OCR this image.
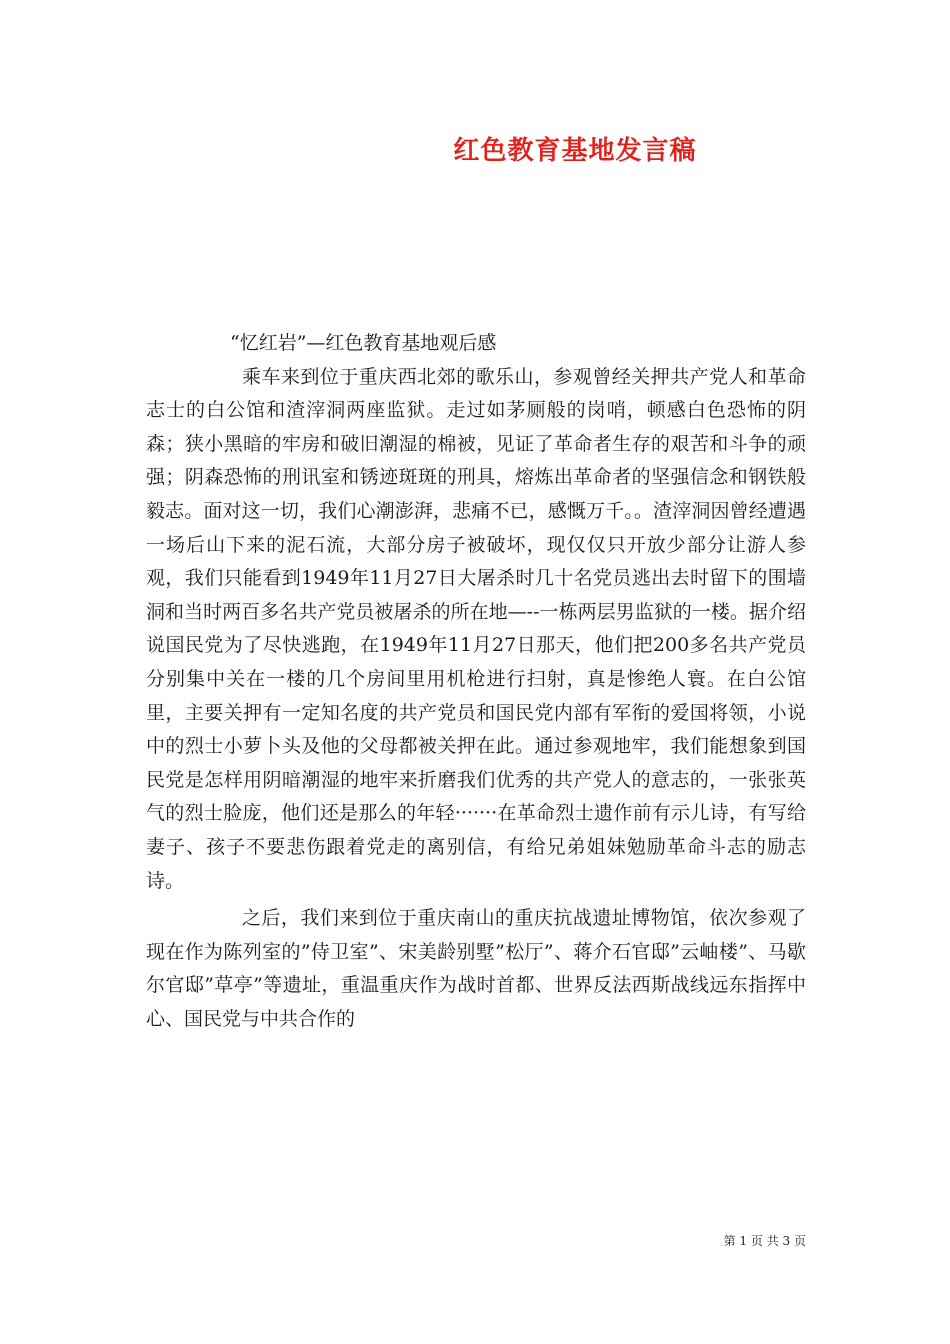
红色教育基地发言稿

“忆红岩”—红色教育基地观后感

乘车来到位于重庆西北郊的歌乐山，参观曾经关押共产党人和革命志士的白公馆和渣滓洞两座监狱。走过如茅厕般的岗哨，顿感白色恐怖的阴森；狭小黑暗的牢房和破旧潮湿的棉被，见证了革命者生存的艰苦和斗争的顽强；阴森恐怖的刑讯室和锈迹斑斑的刑具，熔炼出革命者的坚强信念和钢铁般毅志。面对这一切，我们心潮澎湃，悲痛不已，感慨万千。。渣滓洞因曾经遭遇一场后山下来的泥石流，大部分房子被破坏，现仅仅只开放少部分让游人参观，我们只能看到1949年11月27日大屠杀时几十名党员逃出去时留下的围墙洞和当时两百多名共产党员被屠杀的所在地—--一栋两层男监狱的一楼。据介绍说国民党为了尽快逃跑，在1949年11月27日那天，他们把200多名共产党员分别集中关在一楼的几个房间里用机枪进行扫射，真是惨绝人寰。在白公馆里，主要关押有一定知名度的共产党员和国民党内部有军衔的爱国将领，小说中的烈士小萝卜头及他的父母都被关押在此。通过参观地牢，我们能想象到国民党是怎样用阴暗潮湿的地牢来折磨我们优秀的共产党人的意志的，一张张英气的烈士脸庞，他们还是那么的年轻·······在革命烈士遗作前有示儿诗，有写给妻子、孩子不要悲伤跟着党走的离别信，有给兄弟姐妹勉励革命斗志的励志诗。

之后，我们来到位于重庆南山的重庆抗战遗址博物馆，依次参观了现在作为陈列室的”侍卫室”、宋美龄别墅”松厅”、蒋介石官邸”云岫楼”、马歇尔官邸”草亭”等遗址，重温重庆作为战时首都、世界反法西斯战线远东指挥中心、国民党与中共合作的

第 1 页 共 3 页
